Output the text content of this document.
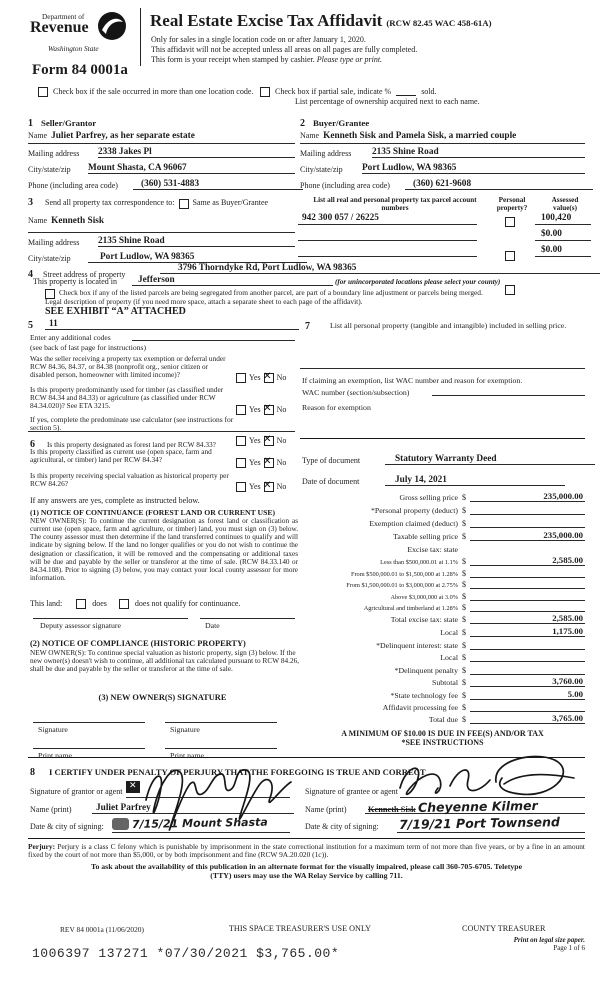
Department of
Revenue
Washington State
Real Estate Excise Tax Affidavit (RCW 82.45 WAC 458-61A)
Only for sales in a single location code on or after January 1, 2020.
This affidavit will not be accepted unless all areas on all pages are fully completed.
This form is your receipt when stamped by cashier. Please type or print.
Form 84 0001a
Check box if the sale occurred in more than one location code.	Check box if partial sale, indicate %	sold.
List percentage of ownership acquired next to each name.
1 Seller/Grantor
Name Juliet Parfrey, as her separate estate
Mailing address 2338 Jakes Pl
City/state/zip Mount Shasta, CA 96067
Phone (including area code)	(360) 531-4883
2 Buyer/Grantee
Name Kenneth Sisk and Pamela Sisk, a married couple
Mailing address 2135 Shine Road
City/state/zip Port Ludlow, WA 98365
Phone (including area code)	(360) 621-9608
3 Send all property tax correspondence to: Same as Buyer/Grantee
Name Kenneth Sisk
Mailing address 2135 Shine Road
City/state/zip	Port Ludlow, WA 98365
List all real and personal property tax parcel account numbers
Personal property?
Assessed value(s)
942 300 057 / 26225	100,420
$0.00
$0.00
4 Street address of property
3796 Thorndyke Rd, Port Ludlow, WA 98365
This property is located in	Jefferson	(for unincorporated locations please select your county)
Check box if any of the listed parcels are being segregated from another parcel, are part of a boundary line adjustment or parcels being merged.
Legal description of property (if you need more space, attach a separate sheet to each page of the affidavit).
SEE EXHIBIT “A” ATTACHED
5	11
Enter any additional codes
(see back of last page for instructions)
Was the seller receiving a property tax exemption or deferral under RCW 84.36, 84.37, or 84.38 (nonprofit org., senior citizen or disabled person, homeowner with limited income)?	Yes ✕ No
Is this property predominantly used for timber (as classified under RCW 84.34 and 84.33) or agriculture (as classified under RCW 84.34.020)? See ETA 3215.	Yes ✕ No
If yes, complete the predominate use calculator (see instructions for section 5).
6 Is this property designated as forest land per RCW 84.33?	Yes ✕ No
Is this property classified as current use (open space, farm and agricultural, or timber) land per RCW 84.34?	Yes ✕ No
Is this property receiving special valuation as historical property per RCW 84.26?	Yes ✕ No
If any answers are yes, complete as instructed below.
(1) NOTICE OF CONTINUANCE (FOREST LAND OR CURRENT USE)
NEW OWNER(S): To continue the current designation as forest land or classification as current use (open space, farm and agriculture, or timber) land, you must sign on (3) below. The county assessor must then determine if the land transferred continues to qualify and will indicate by signing below. If the land no longer qualifies or you do not wish to continue the designation or classification, it will be removed and the compensating or additional taxes will be due and payable by the seller or transferor at the time of sale. (RCW 84.33.140 or 84.34.108). Prior to signing (3) below, you may contact your local county assessor for more information.
This land:	does	does not qualify for continuance.
Deputy assessor signature	Date
(2) NOTICE OF COMPLIANCE (HISTORIC PROPERTY)
NEW OWNER(S): To continue special valuation as historic property, sign (3) below. If the new owner(s) doesn't wish to continue, all additional tax calculated pursuant to RCW 84.26, shall be due and payable by the seller or transferor at the time of sale.
(3) NEW OWNER(S) SIGNATURE
Signature	Signature
Print name	Print name
7	List all personal property (tangible and intangible) included in selling price.
If claiming an exemption, list WAC number and reason for exemption.
WAC number (section/subsection)
Reason for exemption
Type of document	Statutory Warranty Deed
Date of document	July 14, 2021
Gross selling price $	235,000.00
*Personal property (deduct) $
Exemption claimed (deduct) $
Taxable selling price $	235,000.00
Excise tax: state
Less than $500,000.01 at 1.1% $	2,585.00
From $500,000.01 to $1,500,000 at 1.28% $
From $1,500,000.01 to $3,000,000 at 2.75% $
Above $3,000,000 at 3.0% $
Agricultural and timberland at 1.28% $
Total excise tax: state $	2,585.00
Local $	1,175.00
*Delinquent interest: state $
Local $
*Delinquent penalty $
Subtotal $	3,760.00
*State technology fee $	5.00
Affidavit processing fee $
Total due $	3,765.00
A MINIMUM OF $10.00 IS DUE IN FEE(S) AND/OR TAX
*SEE INSTRUCTIONS
8 I CERTIFY UNDER PENALTY OF PERJURY THAT THE FOREGOING IS TRUE AND CORRECT
Signature of grantor or agent
✕
Name (print)	Juliet Parfrey
Date & city of signing:	7/15/21 Mount Shasta
Signature of grantee or agent
Name (print)	Kenneth Sisk Cheyenne Kilmer
Date & city of signing: 7/19/21 Port Townsend
Perjury: Perjury is a class C felony which is punishable by imprisonment in the state correctional institution for a maximum term of not more than five years, or by a fine in an amount fixed by the court of not more than $5,000, or by both imprisonment and fine (RCW 9A.20.020 (1c)).
To ask about the availability of this publication in an alternate format for the visually impaired, please call 360-705-6705. Teletype
(TTY) users may use the WA Relay Service by calling 711.
REV 84 0001a (11/06/2020)	THIS SPACE TREASURER'S USE ONLY	COUNTY TREASURER
Print on legal size paper.
Page 1 of 6
1006397 137271 *07/30/2021 $3,765.00*
